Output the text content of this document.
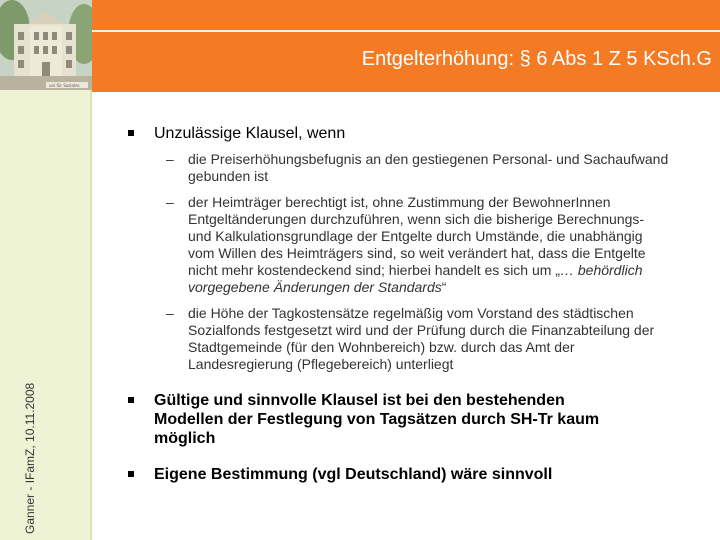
uni für Soziales
Entgelterhöhung: § 6 Abs 1 Z 5 KSch.G
Ganner - IFamZ, 10.11.2008
Unzulässige Klausel, wenn
– die Preiserhöhungsbefugnis an den gestiegenen Personal- und Sachaufwand gebunden ist
– der Heimträger berechtigt ist, ohne Zustimmung der BewohnerInnen Entgeltänderungen durchzuführen, wenn sich die bisherige Berechnungs- und Kalkulationsgrundlage der Entgelte durch Umstände, die unabhängig vom Willen des Heimträgers sind, so weit verändert hat, dass die Entgelte nicht mehr kostendeckend sind; hierbei handelt es sich um „… behördlich vorgegebene Änderungen der Standards“
– die Höhe der Tagkostensätze regelmäßig vom Vorstand des städtischen Sozialfonds festgesetzt wird und der Prüfung durch die Finanzabteilung der Stadtgemeinde (für den Wohnbereich) bzw. durch das Amt der Landesregierung (Pflegebereich) unterliegt
Gültige und sinnvolle Klausel ist bei den bestehenden Modellen der Festlegung von Tagsätzen durch SH-Tr kaum möglich
Eigene Bestimmung (vgl Deutschland) wäre sinnvoll
